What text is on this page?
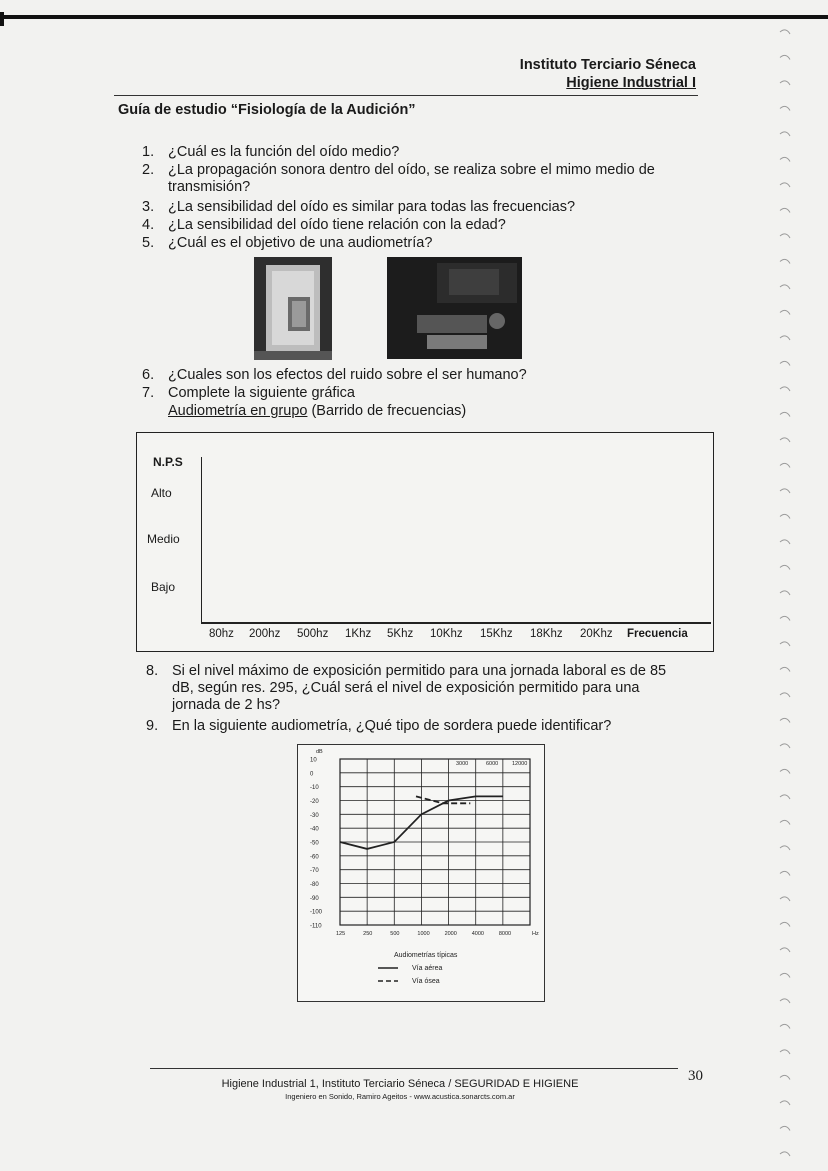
Instituto Terciario Séneca
Higiene Industrial I
Guía de estudio “Fisiología de la Audición”
1. ¿Cuál es la función del oído medio?
2. ¿La propagación sonora dentro del oído, se realiza sobre el mimo medio de transmisión?
3. ¿La sensibilidad del oído es similar para todas las frecuencias?
4. ¿La sensibilidad del oído tiene relación con la edad?
5. ¿Cuál es el objetivo de una audiometría?
6. ¿Cuales son los efectos del ruido sobre el ser humano?
7. Complete la siguiente gráfica
Audiometría en grupo (Barrido de frecuencias)
N.P.S
Alto
Medio
Bajo
80hz 200hz 500hz 1Khz 5Khz 10Khz 15Khz 18Khz 20Khz Frecuencia
8. Si el nivel máximo de exposición permitido para una jornada laboral es de 85 dB, según res. 295, ¿Cuál será el nivel de exposición permitido para una jornada de 2 hs?
9. En la siguiente audiometría, ¿Qué tipo de sordera puede identificar?
dB
10
0
-10
-20
-30
-40
-50
-60
-70
-80
-90
-100
-110
125	250	500	1000	2000	4000	8000	Hz
3000	6000	12000
Audiometrías típicas
Vía aérea
Vía ósea
30
Higiene Industrial 1, Instituto Terciario Séneca / SEGURIDAD E HIGIENE
Ingeniero en Sonido, Ramiro Ageitos - www.acustica.sonarcts.com.ar
